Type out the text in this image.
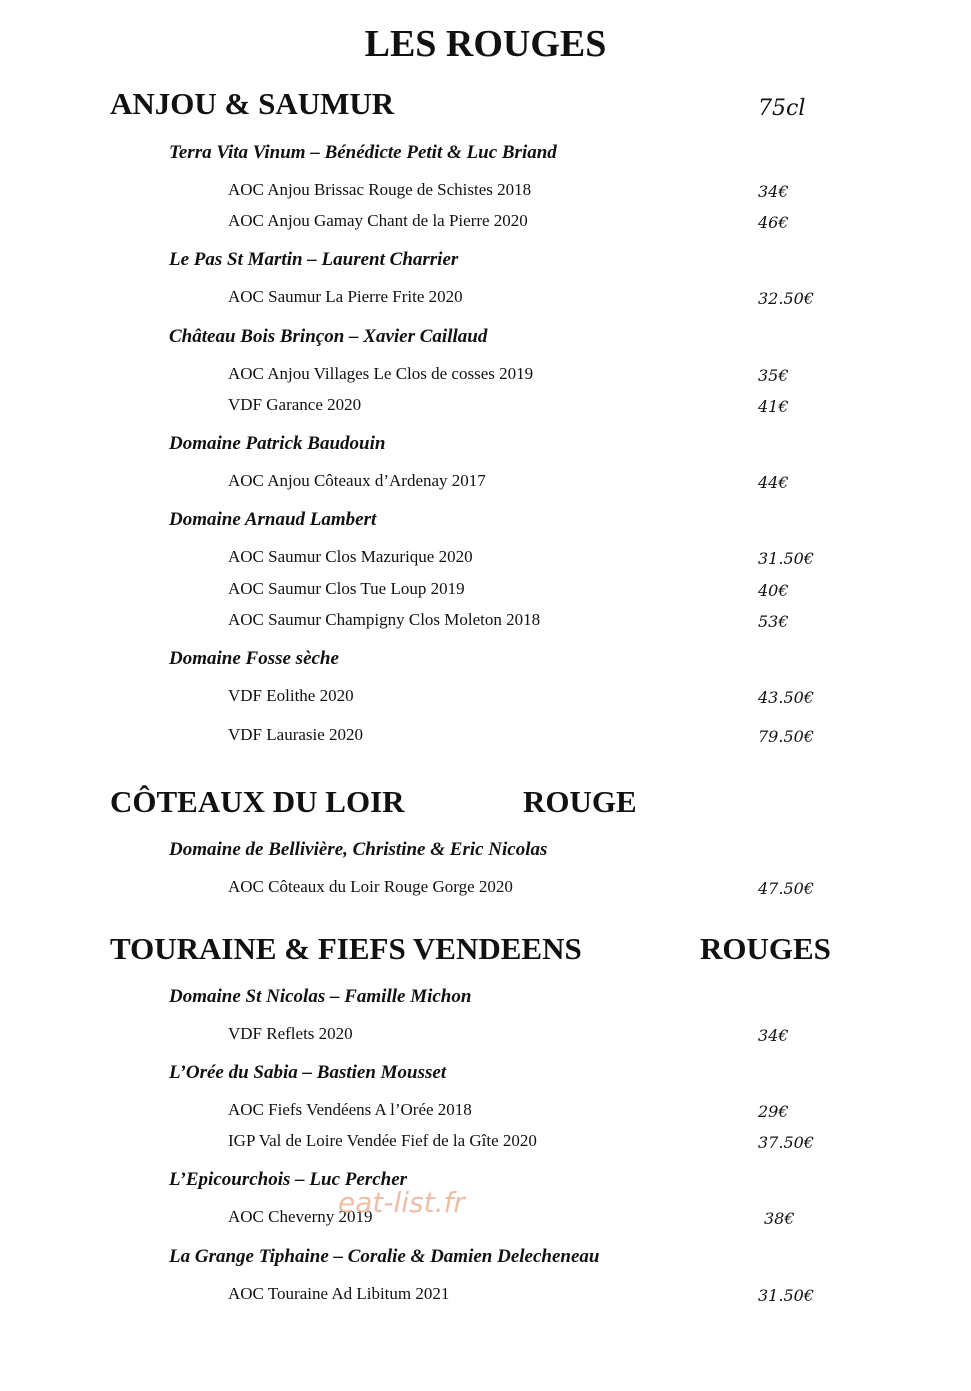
LES ROUGES
75cl
ANJOU & SAUMUR
Terra Vita Vinum – Bénédicte Petit & Luc Briand
AOC Anjou Brissac Rouge de Schistes 2018	34€
AOC Anjou Gamay Chant de la Pierre 2020	46€
Le Pas St Martin – Laurent Charrier
AOC Saumur La Pierre Frite 2020	32.50€
Château Bois Brinçon – Xavier Caillaud
AOC Anjou Villages Le Clos de cosses 2019	35€
VDF Garance 2020	41€
Domaine Patrick Baudouin
AOC Anjou Côteaux d’Ardenay 2017	44€
Domaine Arnaud Lambert
AOC Saumur Clos Mazurique 2020	31.50€
AOC Saumur Clos Tue Loup 2019	40€
AOC Saumur Champigny Clos Moleton 2018	53€
Domaine Fosse sèche
VDF Eolithe 2020	43.50€
VDF Laurasie 2020	79.50€
CÔTEAUX DU LOIR	ROUGE
Domaine de Bellivière, Christine & Eric Nicolas
AOC Côteaux du Loir Rouge Gorge 2020	47.50€
TOURAINE & FIEFS VENDEENS	ROUGES
Domaine St Nicolas – Famille Michon
VDF Reflets 2020	34€
L’Orée du Sabia – Bastien Mousset
AOC Fiefs Vendéens A l’Orée 2018	29€
IGP Val de Loire Vendée Fief de la Gîte 2020	37.50€
L’Epicourchois – Luc Percher
AOC Cheverny 2019	38€
La Grange Tiphaine – Coralie & Damien Delecheneau
AOC Touraine Ad Libitum 2021	31.50€
eat-list.fr
